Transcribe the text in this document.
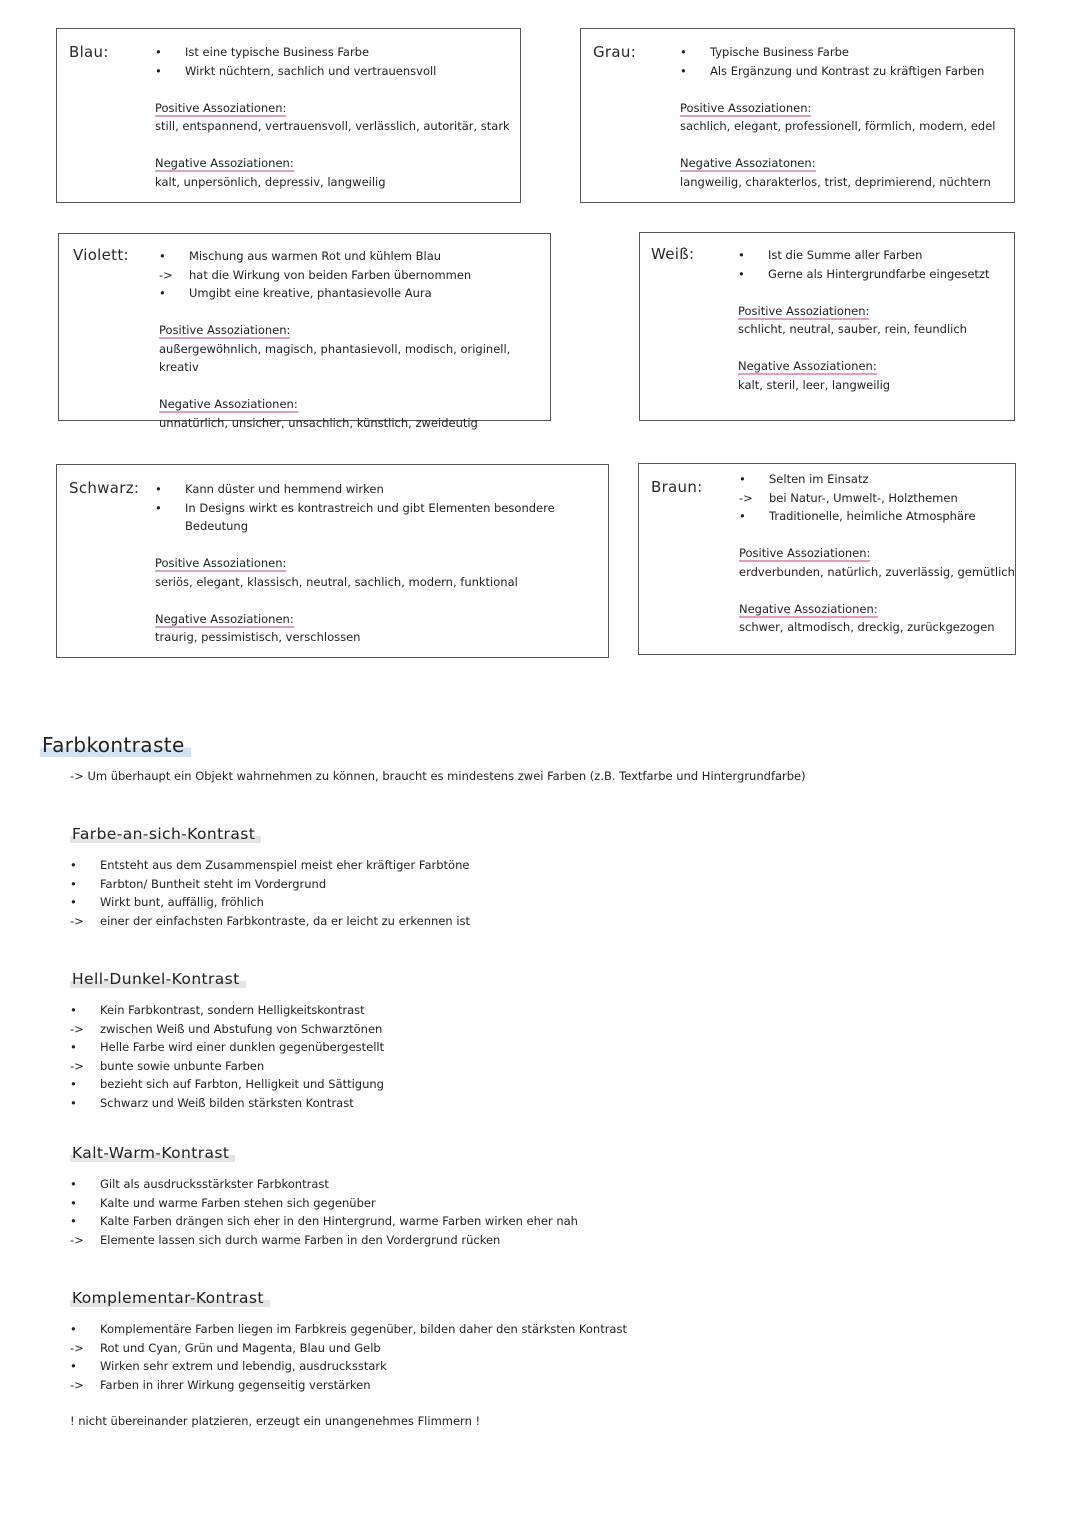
Blau:	•	Ist eine typische Business Farbe
•	Wirkt nüchtern, sachlich und vertrauensvoll
Positive Assoziationen:
still, entspannend, vertrauensvoll, verlässlich, autoritär, stark
Negative Assoziationen:
kalt, unpersönlich, depressiv, langweilig
Grau:	•	Typische Business Farbe
•	Als Ergänzung und Kontrast zu kräftigen Farben
Positive Assoziationen:
sachlich, elegant, professionell, förmlich, modern, edel
Negative Assoziatonen:
langweilig, charakterlos, trist, deprimierend, nüchtern
Violett:	•	Mischung aus warmen Rot und kühlem Blau
->	hat die Wirkung von beiden Farben übernommen
•	Umgibt eine kreative, phantasievolle Aura
Positive Assoziationen:
außergewöhnlich, magisch, phantasievoll, modisch, originell, kreativ
Negative Assoziationen:
unnatürlich, unsicher, unsachlich, künstlich, zweideutig
Weiß:	•	Ist die Summe aller Farben
•	Gerne als Hintergrundfarbe eingesetzt
Positive Assoziationen:
schlicht, neutral, sauber, rein, feundlich
Negative Assoziationen:
kalt, steril, leer, langweilig
Schwarz: •	Kann düster und hemmend wirken
•	In Designs wirkt es kontrastreich und gibt Elementen besondere Bedeutung
Positive Assoziationen:
seriös, elegant, klassisch, neutral, sachlich, modern, funktional
Negative Assoziationen:
traurig, pessimistisch, verschlossen
Braun:	•	Selten im Einsatz
->	bei Natur-, Umwelt-, Holzthemen
•	Traditionelle, heimliche Atmosphäre
Positive Assoziationen:
erdverbunden, natürlich, zuverlässig, gemütlich
Negative Assoziationen:
schwer, altmodisch, dreckig, zurückgezogen
Farbkontraste
-> Um überhaupt ein Objekt wahrnehmen zu können, braucht es mindestens zwei Farben (z.B. Textfarbe und Hintergrundfarbe)
Farbe-an-sich-Kontrast
•	Entsteht aus dem Zusammenspiel meist eher kräftiger Farbtöne
•	Farbton/ Buntheit steht im Vordergrund
•	Wirkt bunt, auffällig, fröhlich
->	einer der einfachsten Farbkontraste, da er leicht zu erkennen ist
Hell-Dunkel-Kontrast
•	Kein Farbkontrast, sondern Helligkeitskontrast
->	zwischen Weiß und Abstufung von Schwarztönen
•	Helle Farbe wird einer dunklen gegenübergestellt
->	bunte sowie unbunte Farben
•	bezieht sich auf Farbton, Helligkeit und Sättigung
•	Schwarz und Weiß bilden stärksten Kontrast
Kalt-Warm-Kontrast
•	Gilt als ausdrucksstärkster Farbkontrast
•	Kalte und warme Farben stehen sich gegenüber
•	Kalte Farben drängen sich eher in den Hintergrund, warme Farben wirken eher nah
->	Elemente lassen sich durch warme Farben in den Vordergrund rücken
Komplementar-Kontrast
•	Komplementäre Farben liegen im Farbkreis gegenüber, bilden daher den stärksten Kontrast
->	Rot und Cyan, Grün und Magenta, Blau und Gelb
•	Wirken sehr extrem und lebendig, ausdrucksstark
->	Farben in ihrer Wirkung gegenseitig verstärken
! nicht übereinander platzieren, erzeugt ein unangenehmes Flimmern !
